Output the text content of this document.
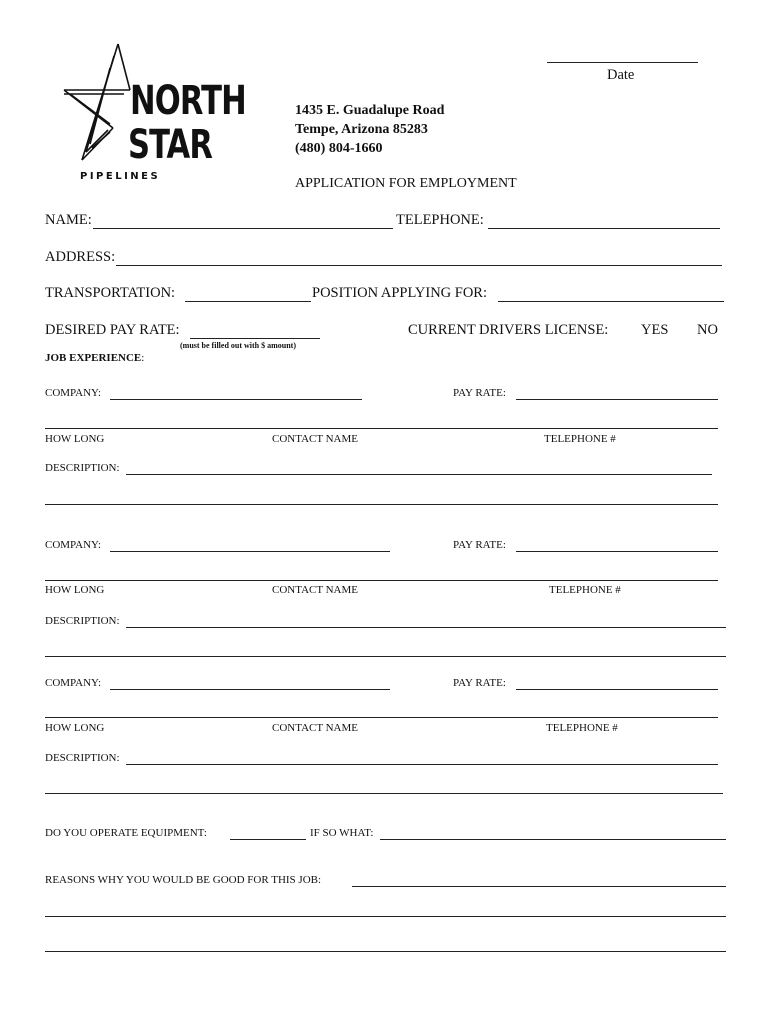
Date
NORTH
STAR
PIPELINES
1435 E. Guadalupe Road
Tempe, Arizona 85283
(480) 804-1660
APPLICATION FOR EMPLOYMENT
NAME:	TELEPHONE:
ADDRESS:
TRANSPORTATION:	POSITION APPLYING FOR:
DESIRED PAY RATE:
(must be filled out with $ amount)
CURRENT DRIVERS LICENSE: YES NO
JOB EXPERIENCE:
COMPANY:	PAY RATE:
HOW LONG	CONTACT NAME	TELEPHONE #
DESCRIPTION:
COMPANY:	PAY RATE:
HOW LONG	CONTACT NAME	TELEPHONE #
DESCRIPTION:
COMPANY:	PAY RATE:
HOW LONG	CONTACT NAME	TELEPHONE #
DESCRIPTION:
DO YOU OPERATE EQUIPMENT:	IF SO WHAT:
REASONS WHY YOU WOULD BE GOOD FOR THIS JOB:
